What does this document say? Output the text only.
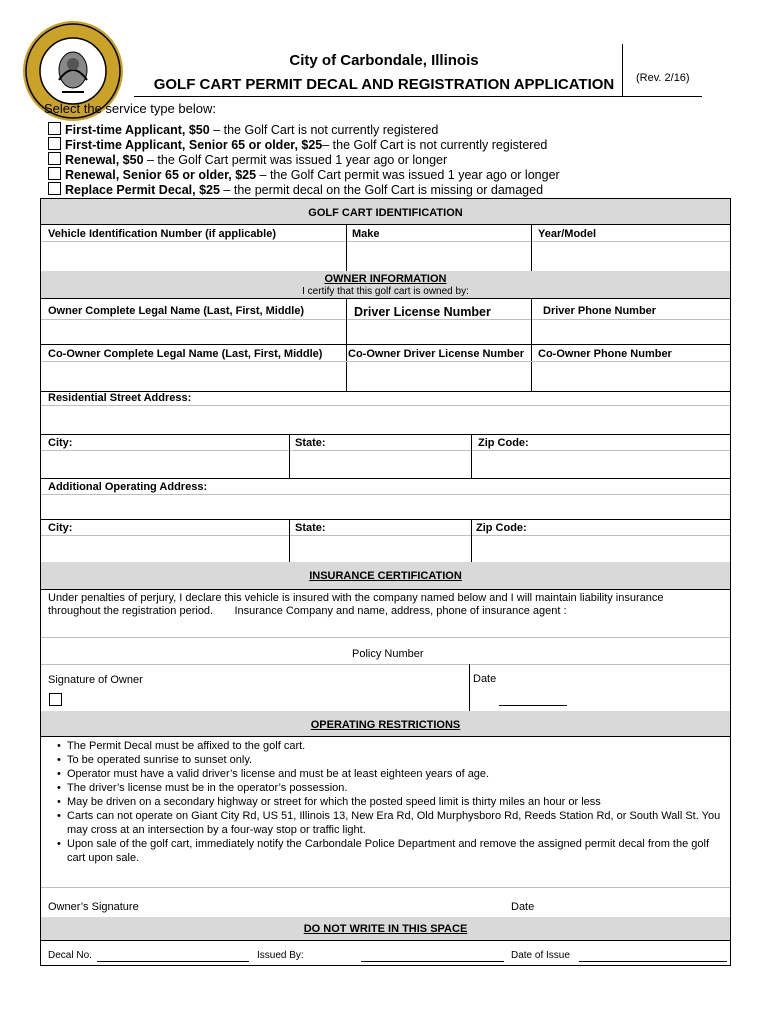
City of Carbondale, Illinois
GOLF CART PERMIT DECAL AND REGISTRATION APPLICATION	(Rev. 2/16)
Select the service type below:
First-time Applicant, $50 – the Golf Cart is not currently registered
First-time Applicant, Senior 65 or older, $25– the Golf Cart is not currently registered
Renewal, $50 – the Golf Cart permit was issued 1 year ago or longer
Renewal, Senior 65 or older, $25 – the Golf Cart permit was issued 1 year ago or longer
Replace Permit Decal, $25 – the permit decal on the Golf Cart is missing or damaged
GOLF CART IDENTIFICATION
Vehicle Identification Number (if applicable)	Make	Year/Model
OWNER INFORMATION
I certify that this golf cart is owned by:
Owner Complete Legal Name (Last, First, Middle)	Driver License Number	Driver Phone Number
Co-Owner Complete Legal Name (Last, First, Middle) Co-Owner Driver License Number Co-Owner Phone Number
Residential Street Address:
City:	State:	Zip Code:
Additional Operating Address:
City:	State:	Zip Code:
INSURANCE CERTIFICATION
Under penalties of perjury, I declare this vehicle is insured with the company named below and I will maintain liability insurance
throughout the registration period.       Insurance Company and name, address, phone of insurance agent :
Policy Number
Signature of Owner	Date
OPERATING RESTRICTIONS
• The Permit Decal must be affixed to the golf cart.
• To be operated sunrise to sunset only.
• Operator must have a valid driver’s license and must be at least eighteen years of age.
• The driver’s license must be in the operator’s possession.
• May be driven on a secondary highway or street for which the posted speed limit is thirty miles an hour or less
• Carts can not operate on Giant City Rd, US 51, Illinois 13, New Era Rd, Old Murphysboro Rd, Reeds Station Rd, or South Wall St. You may cross at an intersection by a four-way stop or traffic light.
• Upon sale of the golf cart, immediately notify the Carbondale Police Department and remove the assigned permit decal from the golf cart upon sale.
Owner’s Signature	Date
DO NOT WRITE IN THIS SPACE
Decal No.	Issued By:	Date of Issue
